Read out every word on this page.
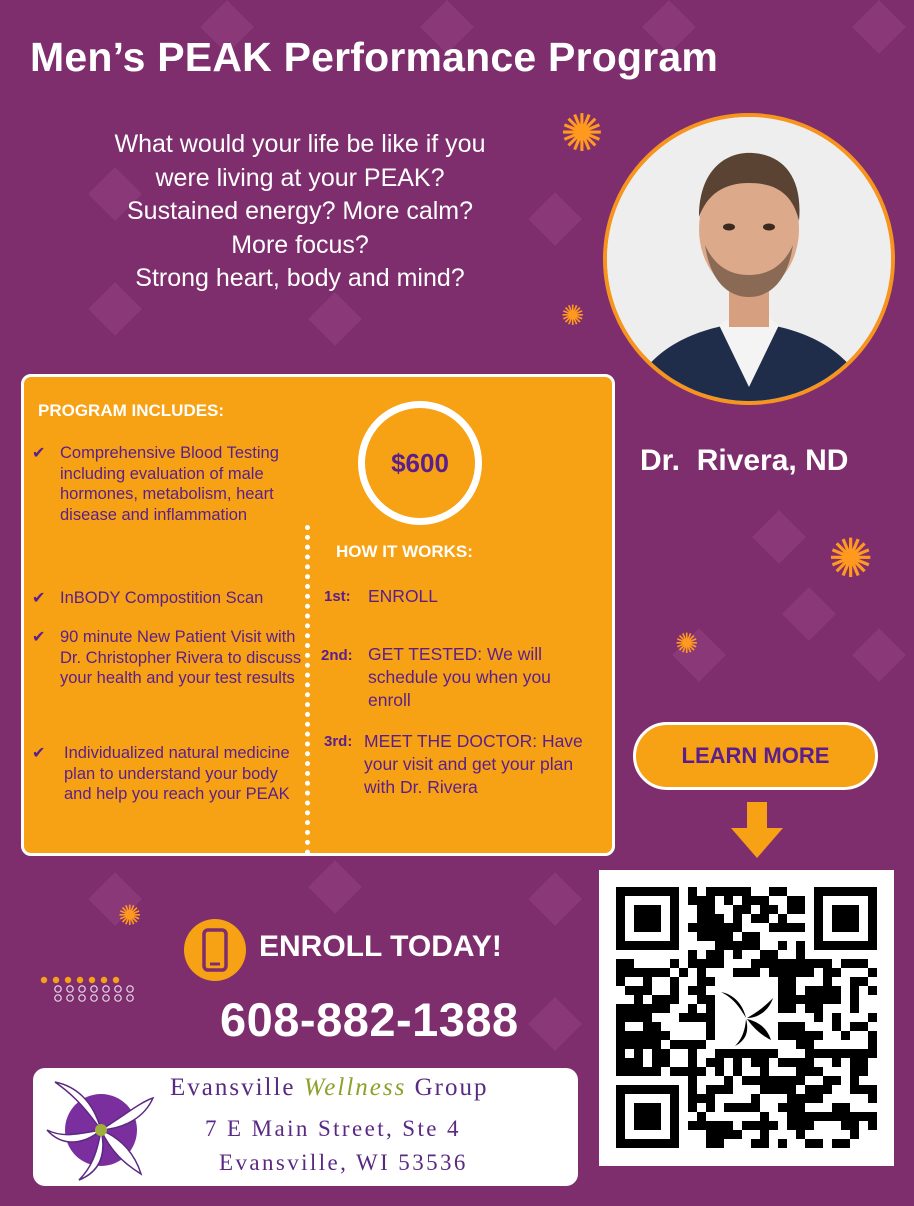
Men’s PEAK Performance Program
What would your life be like if you
were living at your PEAK?
Sustained energy? More calm?
More focus?
Strong heart, body and mind?
✺
✺
✺
✺
✺
Dr.  Rivera, ND
PROGRAM INCLUDES:
✔ Comprehensive Blood Testing including evaluation of male hormones, metabolism, heart disease and inflammation
✔ InBODY Compostition Scan
✔ 90 minute New Patient Visit with Dr. Christopher Rivera to discuss your health and your test results
✔ Individualized natural medicine plan to understand your body and help you reach your PEAK
$600
HOW IT WORKS:
1st: ENROLL
2nd: GET TESTED: We will schedule you when you enroll
3rd: MEET THE DOCTOR: Have your visit and get your plan with Dr. Rivera
LEARN MORE
ENROLL TODAY!
608-882-1388
Evansville Wellness Group
7 E Main Street, Ste 4
Evansville, WI 53536
